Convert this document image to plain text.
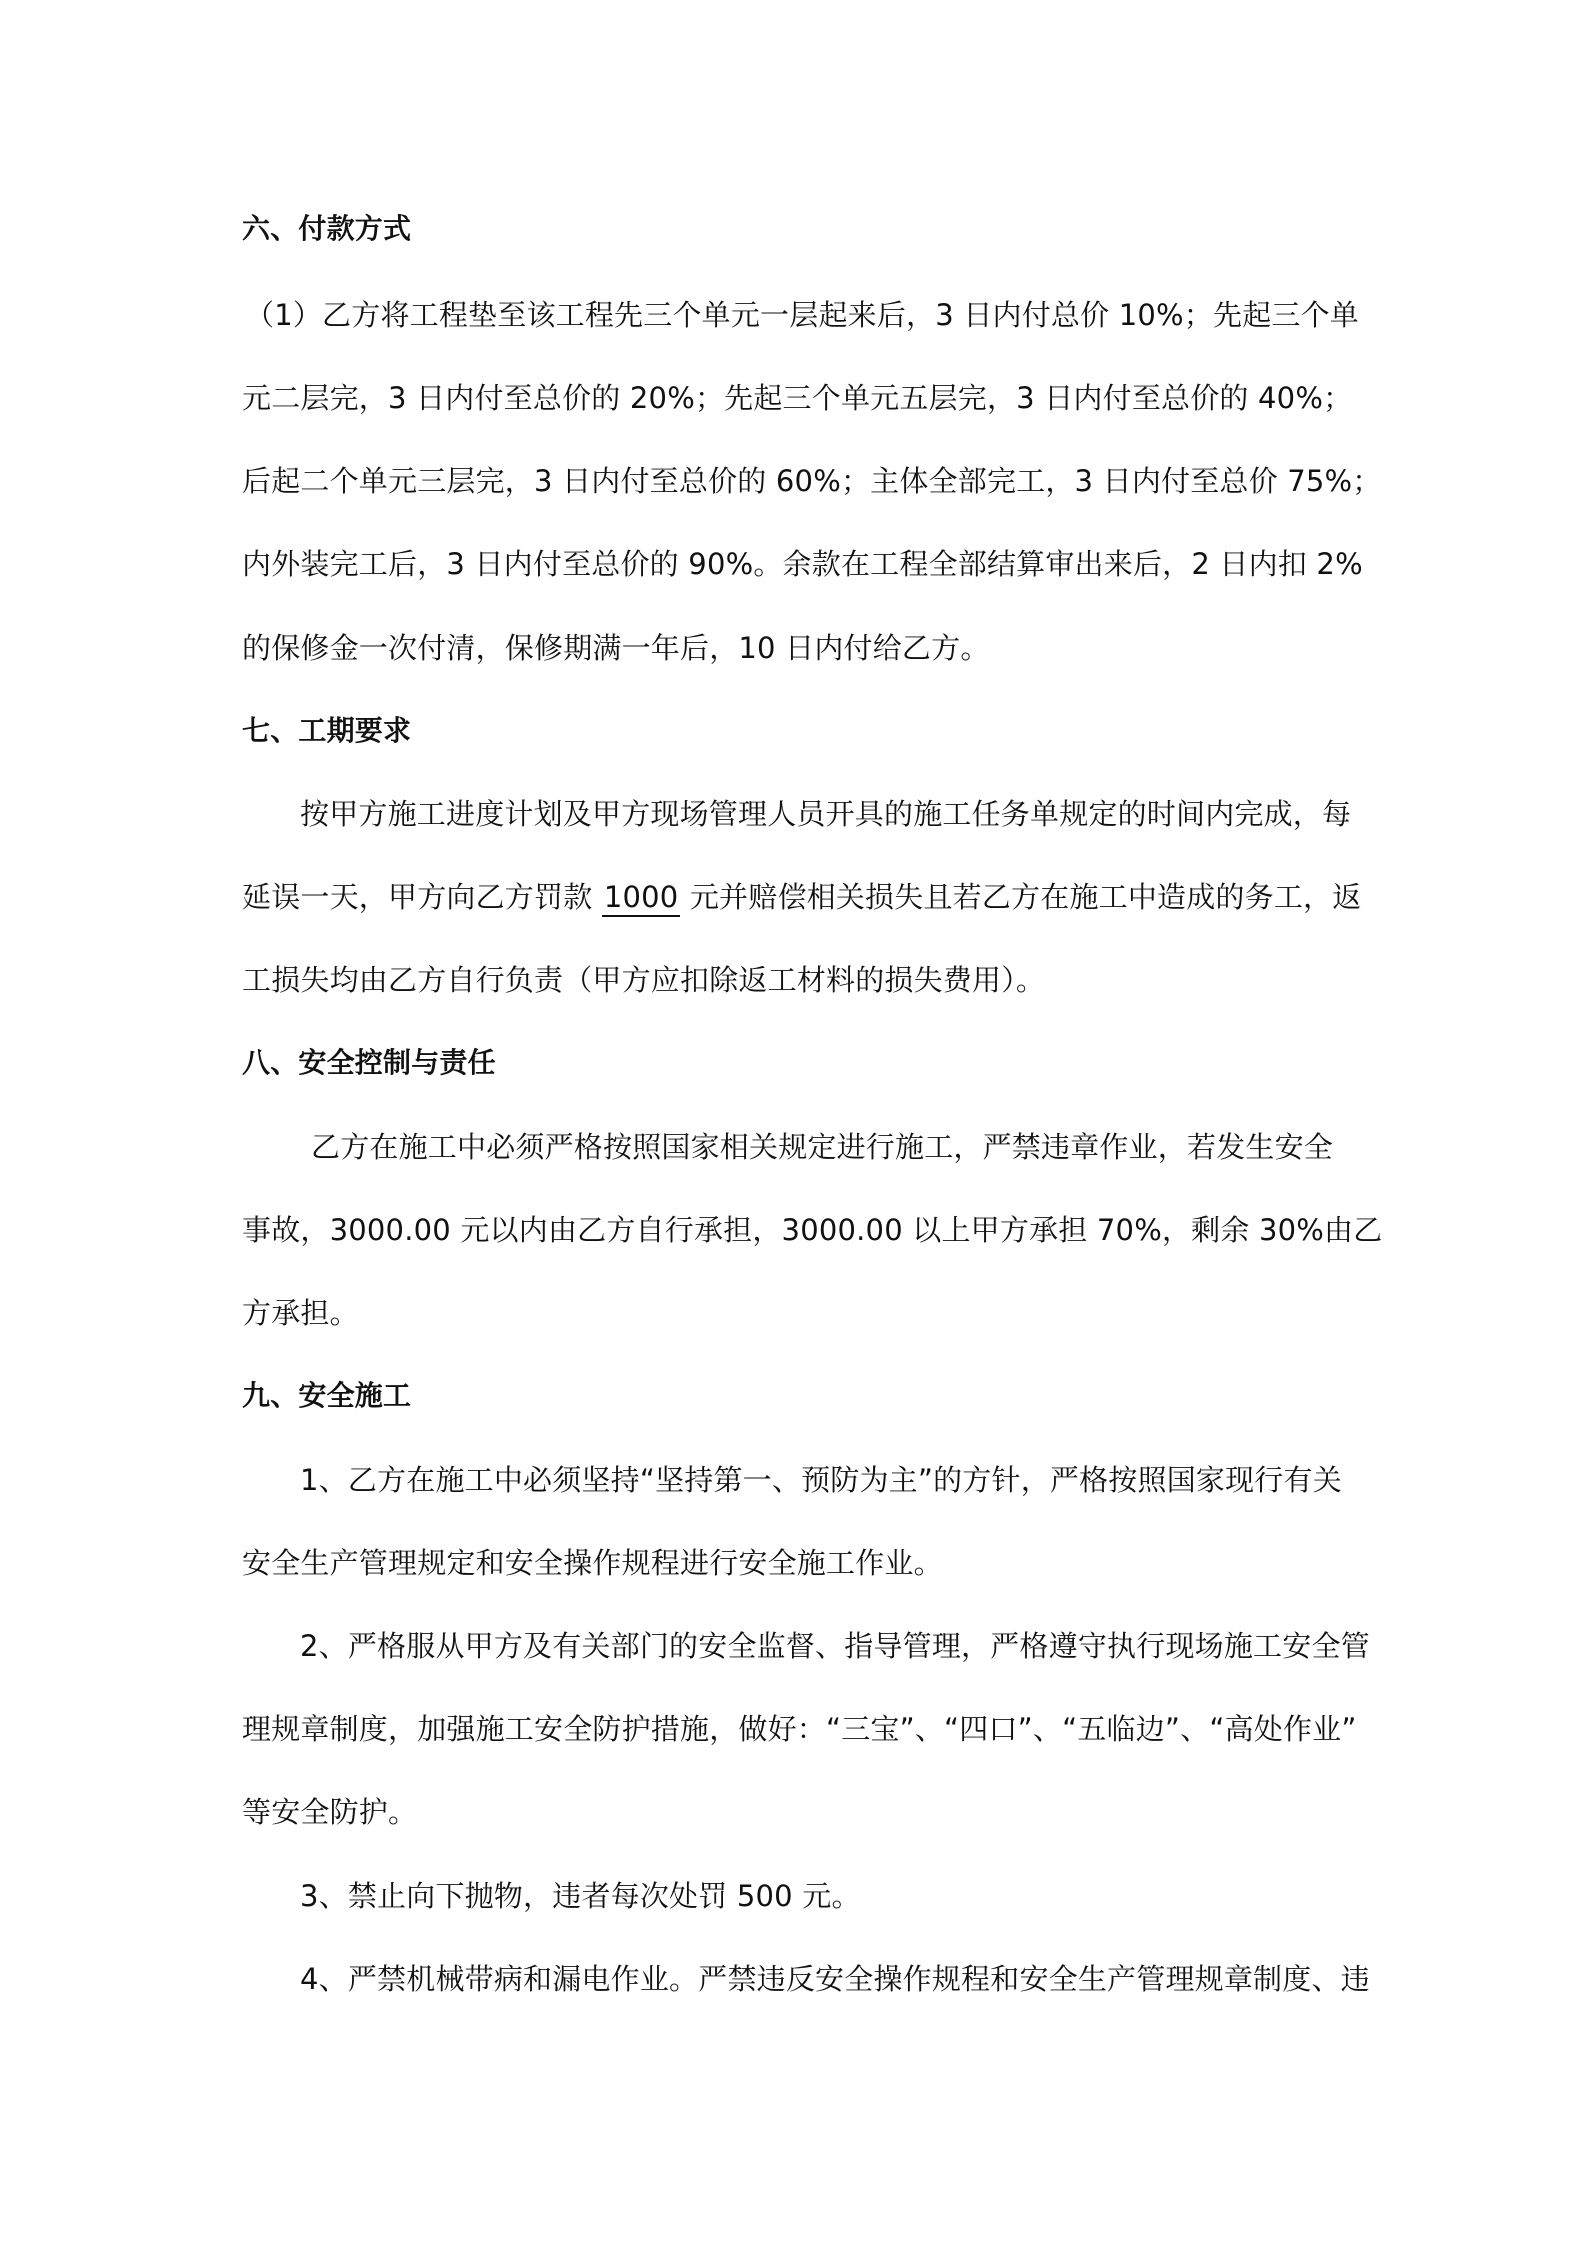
六、付款方式
（1）乙方将工程垫至该工程先三个单元一层起来后，3 日内付总价 10%；先起三个单
元二层完，3 日内付至总价的 20%；先起三个单元五层完，3 日内付至总价的 40%；
后起二个单元三层完，3 日内付至总价的 60%；主体全部完工，3 日内付至总价 75%；
内外装完工后，3 日内付至总价的 90%。余款在工程全部结算审出来后，2 日内扣 2%
的保修金一次付清，保修期满一年后，10 日内付给乙方。
七、工期要求
按甲方施工进度计划及甲方现场管理人员开具的施工任务单规定的时间内完成，每
延误一天，甲方向乙方罚款 1000 元并赔偿相关损失且若乙方在施工中造成的务工，返
工损失均由乙方自行负责（甲方应扣除返工材料的损失费用）。
八、安全控制与责任
乙方在施工中必须严格按照国家相关规定进行施工，严禁违章作业，若发生安全
事故，3000.00 元以内由乙方自行承担，3000.00 以上甲方承担 70%，剩余 30%由乙
方承担。
九、安全施工
1、乙方在施工中必须坚持“坚持第一、预防为主”的方针，严格按照国家现行有关
安全生产管理规定和安全操作规程进行安全施工作业。
2、严格服从甲方及有关部门的安全监督、指导管理，严格遵守执行现场施工安全管
理规章制度，加强施工安全防护措施，做好：“三宝”、“四口”、“五临边”、“高处作业”
等安全防护。
3、禁止向下抛物，违者每次处罚 500 元。
4、严禁机械带病和漏电作业。严禁违反安全操作规程和安全生产管理规章制度、违
